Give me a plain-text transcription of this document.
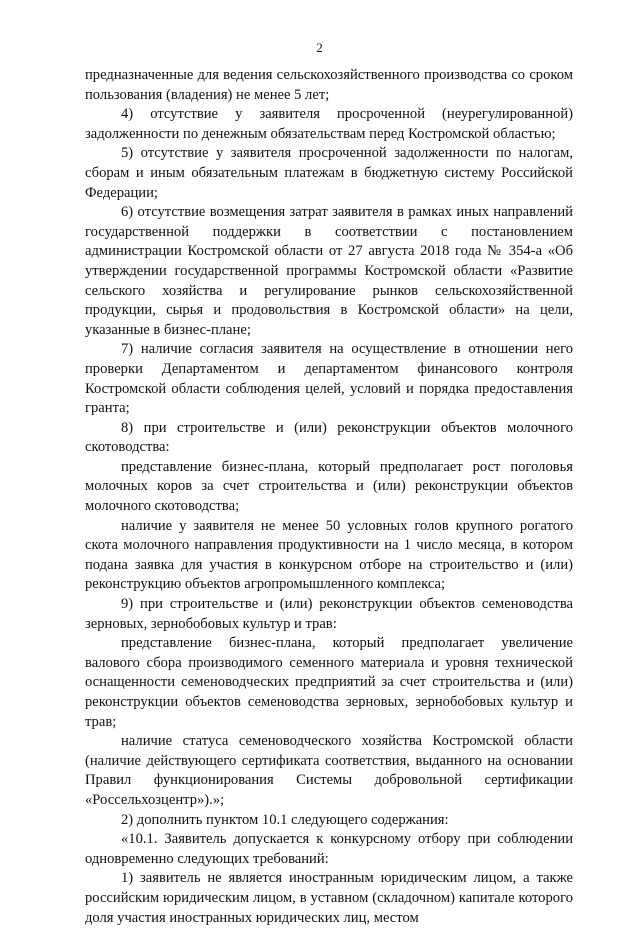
2

предназначенные для ведения сельскохозяйственного производства со сроком пользования (владения) не менее 5 лет;

4) отсутствие у заявителя просроченной (неурегулированной) задолженности по денежным обязательствам перед Костромской областью;

5) отсутствие у заявителя просроченной задолженности по налогам, сборам и иным обязательным платежам в бюджетную систему Российской Федерации;

6) отсутствие возмещения затрат заявителя в рамках иных направлений государственной поддержки в соответствии с постановлением администрации Костромской области от 27 августа 2018 года № 354-а «Об утверждении государственной программы Костромской области «Развитие сельского хозяйства и регулирование рынков сельскохозяйственной продукции, сырья и продовольствия в Костромской области» на цели, указанные в бизнес-плане;

7) наличие согласия заявителя на осуществление в отношении него проверки Департаментом и департаментом финансового контроля Костромской области соблюдения целей, условий и порядка предоставления гранта;

8) при строительстве и (или) реконструкции объектов молочного скотоводства:

представление бизнес-плана, который предполагает рост поголовья молочных коров за счет строительства и (или) реконструкции объектов молочного скотоводства;

наличие у заявителя не менее 50 условных голов крупного рогатого скота молочного направления продуктивности на 1 число месяца, в котором подана заявка для участия в конкурсном отборе на строительство и (или) реконструкцию объектов агропромышленного комплекса;

9) при строительстве и (или) реконструкции объектов семеноводства зерновых, зернобобовых культур и трав:

представление бизнес-плана, который предполагает увеличение валового сбора производимого семенного материала и уровня технической оснащенности семеноводческих предприятий за счет строительства и (или) реконструкции объектов семеноводства зерновых, зернобобовых культур и трав;

наличие статуса семеноводческого хозяйства Костромской области (наличие действующего сертификата соответствия, выданного на основании Правил функционирования Системы добровольной сертификации «Россельхозцентр»).»;

2) дополнить пунктом 10.1 следующего содержания:

«10.1. Заявитель допускается к конкурсному отбору при соблюдении одновременно следующих требований:

1) заявитель не является иностранным юридическим лицом, а также российским юридическим лицом, в уставном (складочном) капитале которого доля участия иностранных юридических лиц, местом
